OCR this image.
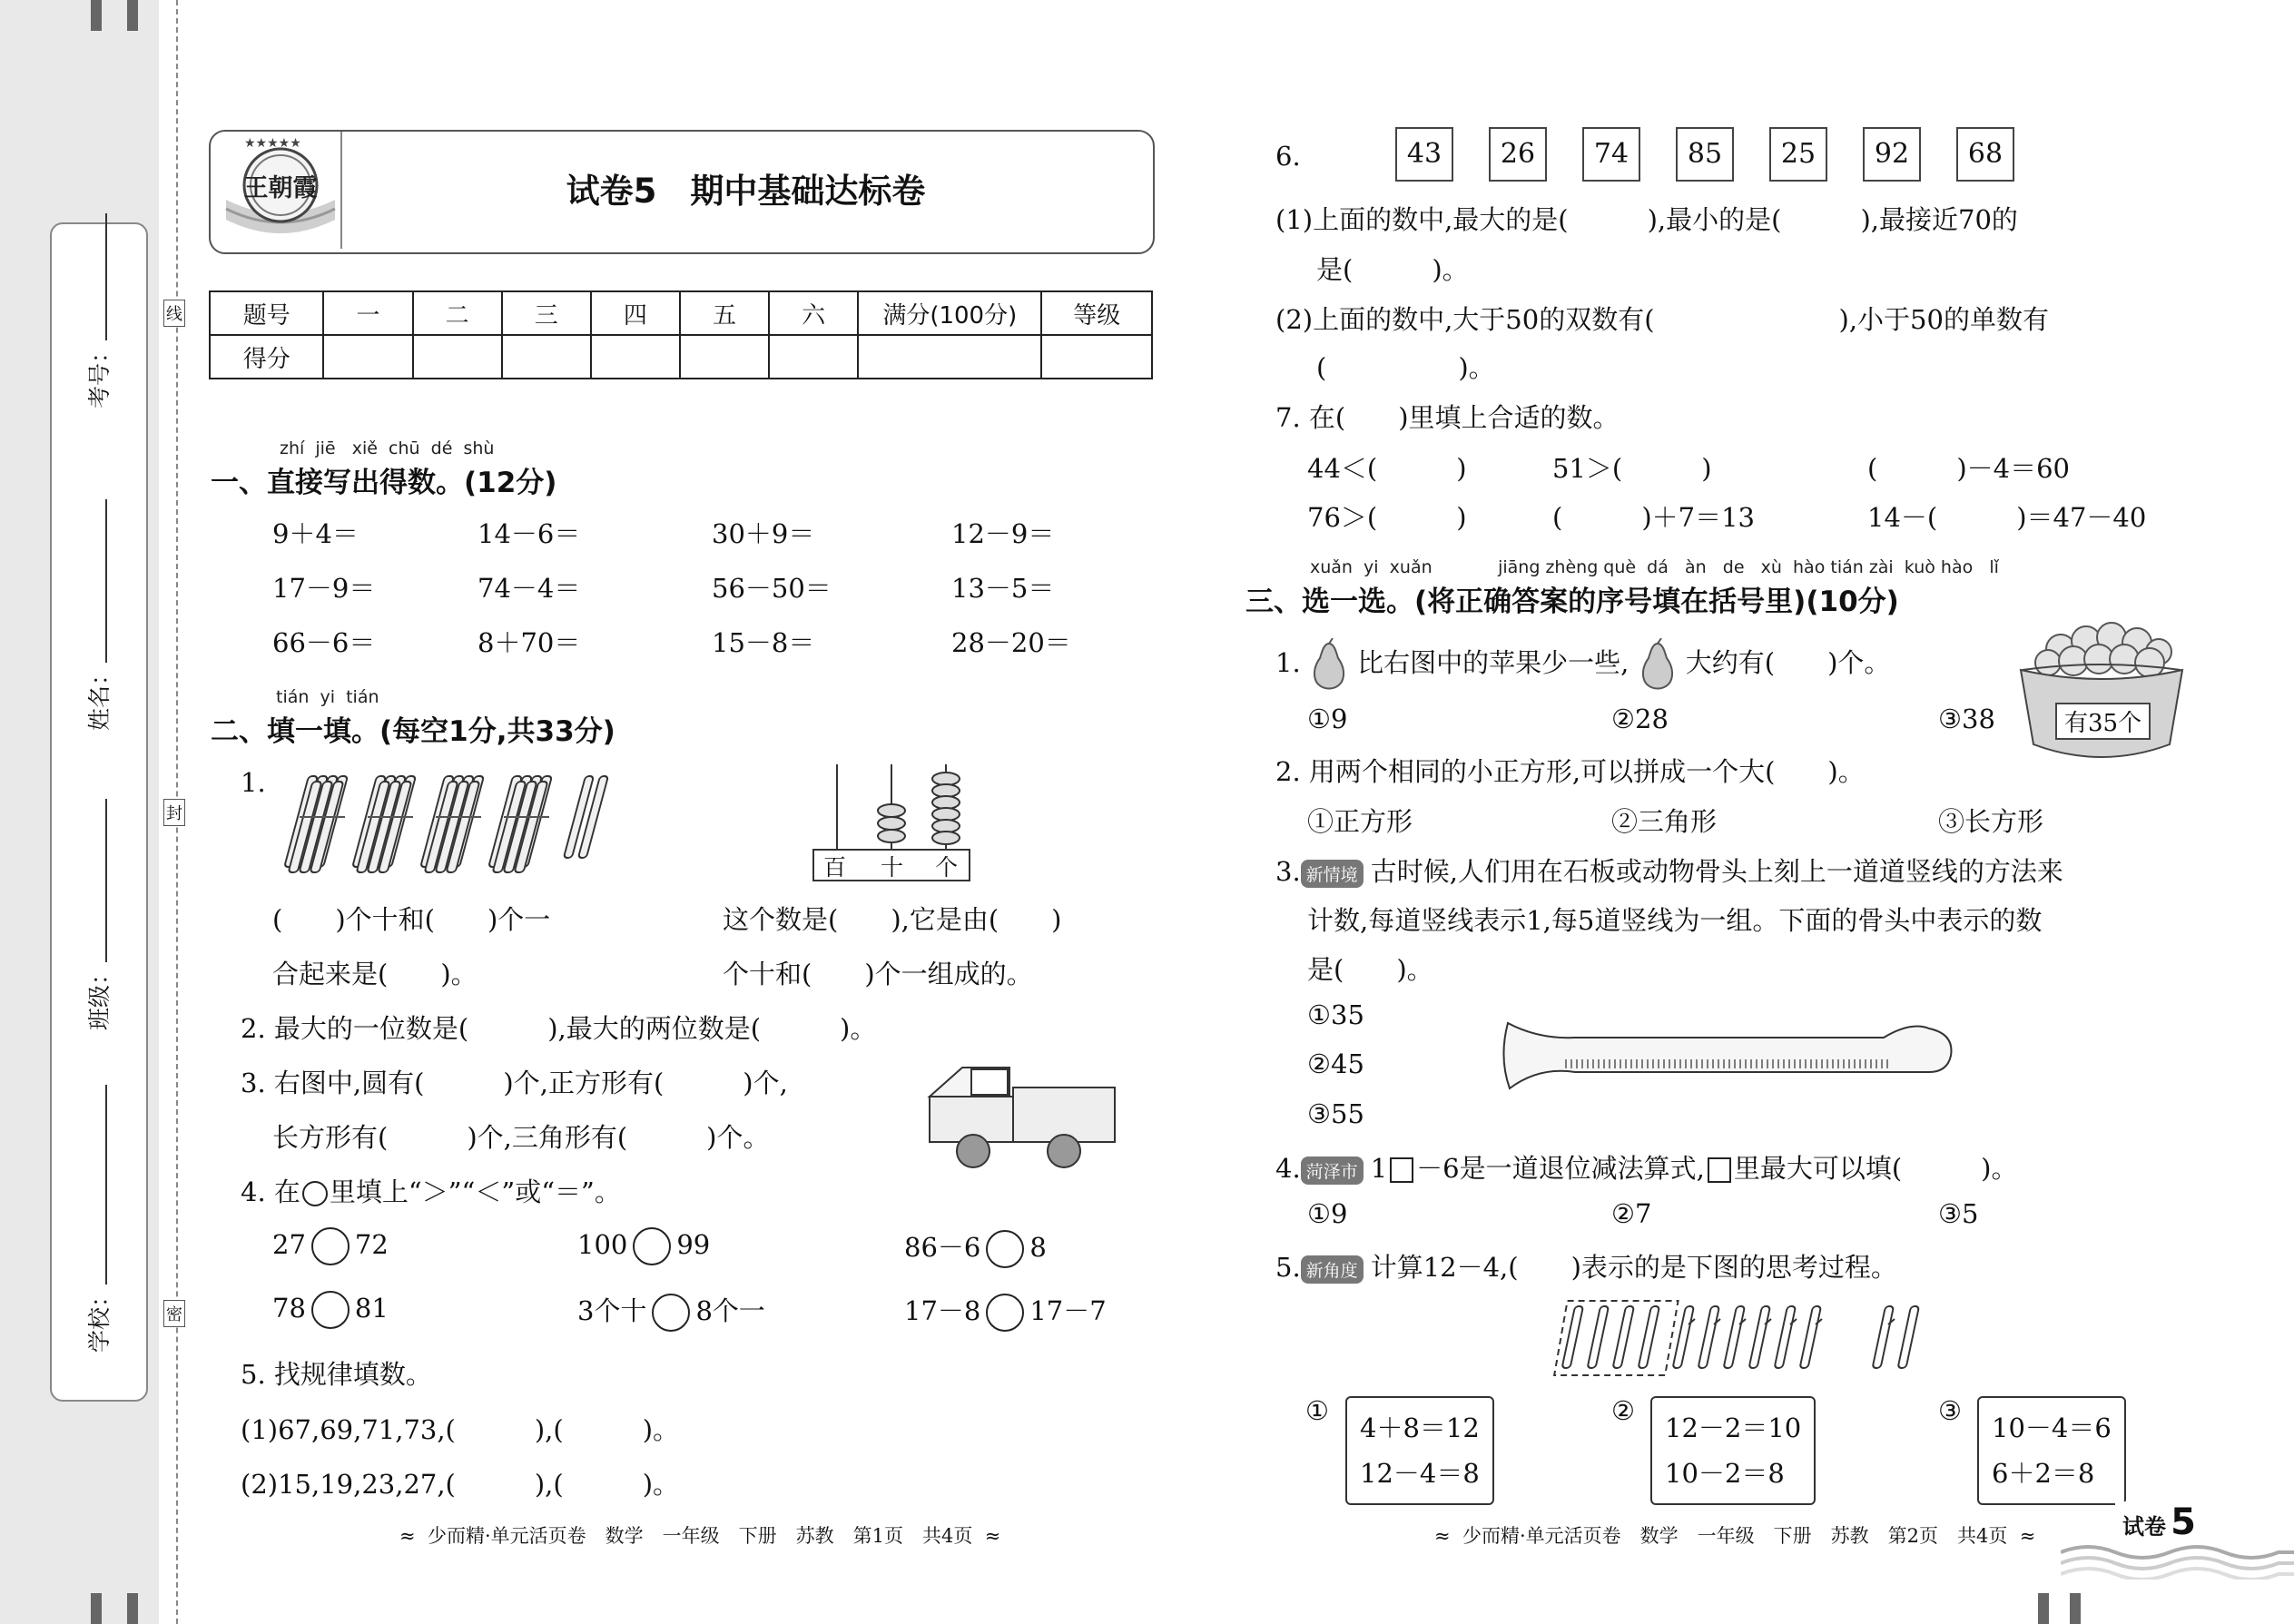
考号：
姓名：
班级：
学校：
线
封
密
★★★★★
王朝霞	试卷5　期中基础达标卷
题号	一	二	三	四	五	六	满分(100分)	等级
得分								
zhí  jiē   xiě  chū  dé  shù
一、直接写出得数。(12分)
9＋4＝	14－6＝	30＋9＝	12－9＝
17－9＝	74－4＝	56－50＝	13－5＝
66－6＝	8＋70＝	15－8＝	28－20＝
tián  yi  tián
二、填一填。(每空1分,共33分)
1.
百 十 个
(　　)个十和(　　)个一
合起来是(　　)。
这个数是(　　),它是由(　　)
个十和(　　)个一组成的。
2. 最大的一位数是(　　　),最大的两位数是(　　　)。
3. 右图中,圆有(　　　)个,正方形有(　　　)个,
长方形有(　　　)个,三角形有(　　　)个。
4. 在 里填上“＞”“＜”或“＝”。
27 72	100 99	86－6 8
78 81	3个十 8个一	17－8 17－7
5. 找规律填数。
(1)67,69,71,73,(　　　),(　　　)。
(2)15,19,23,27,(　　　),(　　　)。
≈  少而精·单元活页卷　数学　一年级　下册　苏教　第1页　共4页  ≈
6.	43	26	74	85	25	92	68
(1)上面的数中,最大的是(　　　),最小的是(　　　),最接近70的
是(　　　)。
(2)上面的数中,大于50的双数有(　　　　　　　),小于50的单数有
(　　　　　)。
7. 在(　　)里填上合适的数。
44＜(　　　)	51＞(　　　)	(　　　)－4＝60
76＞(　　　)	(　　　)＋7＝13	14－(　　　)＝47－40
xuǎn  yi  xuǎn            jiāng zhèng què  dá   àn   de   xù  hào tián zài  kuò hào   lǐ
三、选一选。(将正确答案的序号填在括号里)(10分)
1. 比右图中的苹果少一些, 大约有(　　)个。
有35个
①9	②28	③38
2. 用两个相同的小正方形,可以拼成一个大(　　)。
①正方形	②三角形	③长方形
3. 新情境 古时候,人们用在石板或动物骨头上刻上一道道竖线的方法来
计数,每道竖线表示1,每5道竖线为一组。下面的骨头中表示的数
是(　　)。
①35
②45
③55
4. 菏泽市 1 －6是一道退位减法算式, 里最大可以填(　　　)。
①9	②7	③5
5. 新角度 计算12－4,(　　)表示的是下图的思考过程。
①
4＋8＝12
12－4＝8
②
12－2＝10
10－2＝8
③
10－4＝6
6＋2＝8
≈  少而精·单元活页卷　数学　一年级　下册　苏教　第2页　共4页  ≈	试卷 5
